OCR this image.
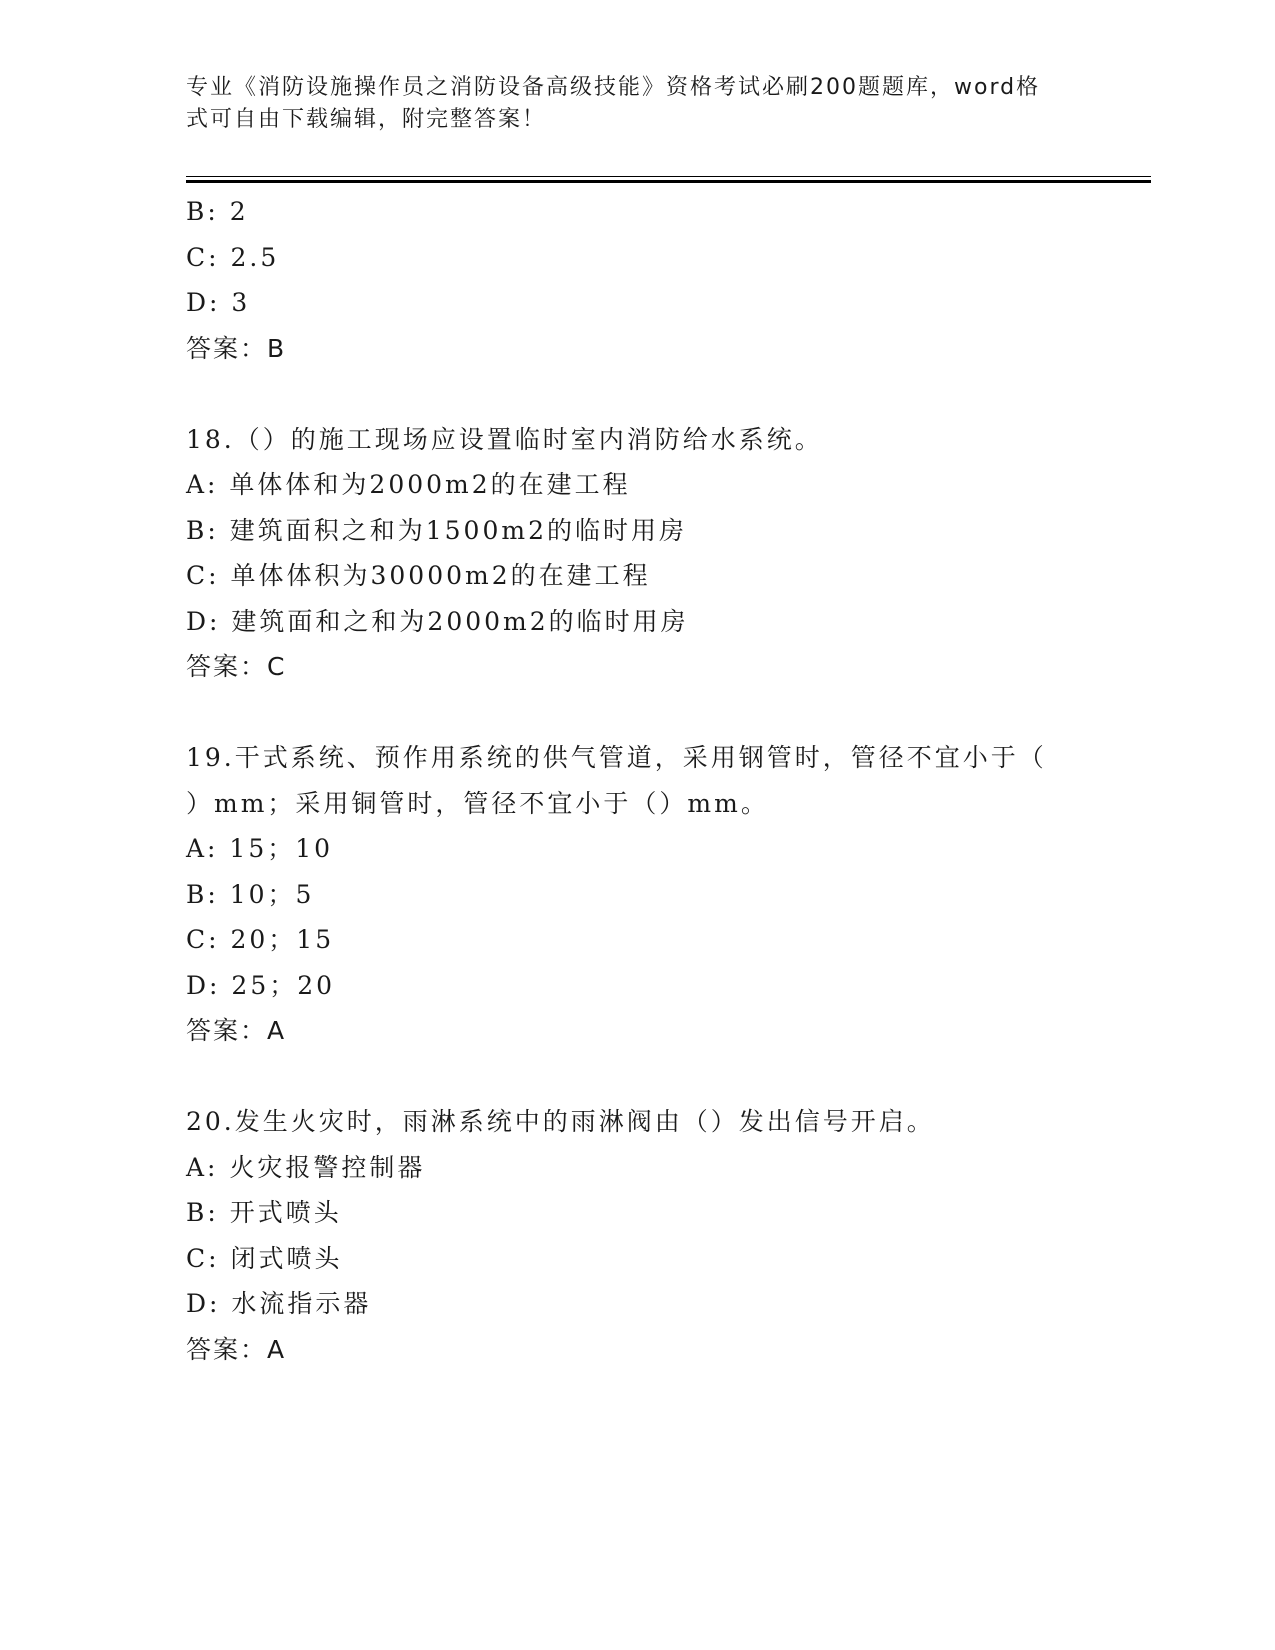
专业《消防设施操作员之消防设备高级技能》资格考试必刷200题题库，word格
式可自由下载编辑，附完整答案！
B: 2
C: 2.5
D: 3
答案：B
18.（）的施工现场应设置临时室内消防给水系统。
A: 单体体和为2000m2的在建工程
B: 建筑面积之和为1500m2的临时用房
C: 单体体积为30000m2的在建工程
D: 建筑面和之和为2000m2的临时用房
答案：C
19.干式系统、预作用系统的供气管道，采用钢管时，管径不宜小于（
）mm；采用铜管时，管径不宜小于（）mm。
A: 15；10
B: 10；5
C: 20；15
D: 25；20
答案：A
20.发生火灾时，雨淋系统中的雨淋阀由（）发出信号开启。
A: 火灾报警控制器
B: 开式喷头
C: 闭式喷头
D: 水流指示器
答案：A
